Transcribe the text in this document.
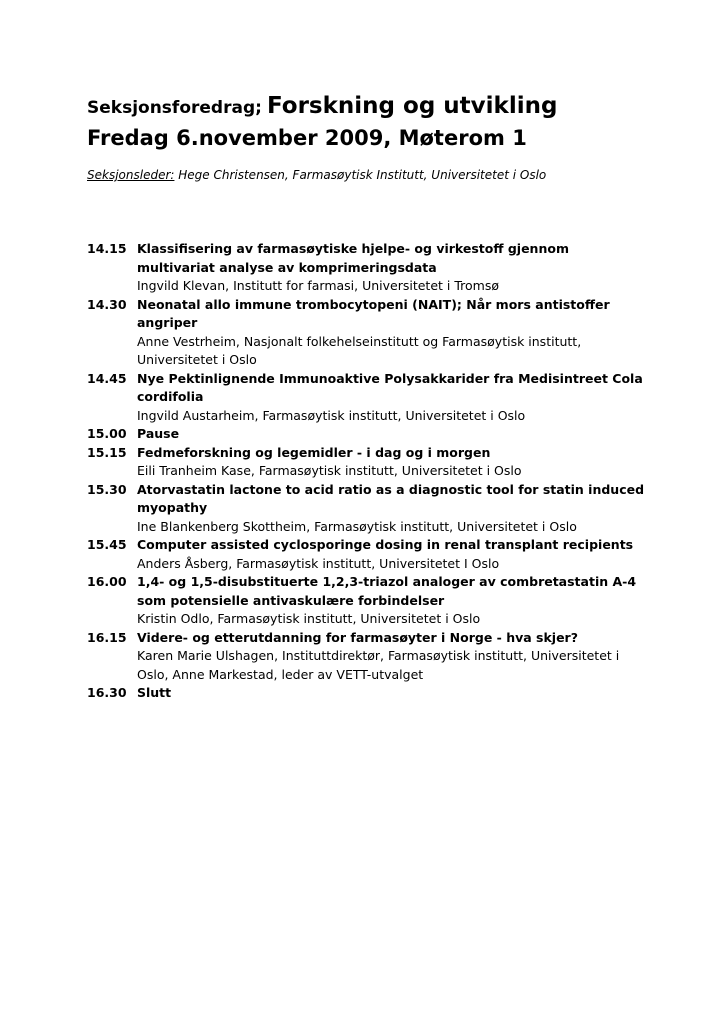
Seksjonsforedrag; Forskning og utvikling
Fredag 6.november 2009, Møterom 1
Seksjonsleder: Hege Christensen, Farmasøytisk Institutt, Universitetet i Oslo
14.15 Klassifisering av farmasøytiske hjelpe- og virkestoff gjennom multivariat analyse av komprimeringsdata
Ingvild Klevan, Institutt for farmasi, Universitetet i Tromsø
14.30 Neonatal allo immune trombocytopeni (NAIT); Når mors antistoffer angriper
Anne Vestrheim, Nasjonalt folkehelseinstitutt og Farmasøytisk institutt, Universitetet i Oslo
14.45 Nye Pektinlignende Immunoaktive Polysakkarider fra Medisintreet Cola cordifolia
Ingvild Austarheim, Farmasøytisk institutt, Universitetet i Oslo
15.00 Pause
15.15 Fedmeforskning og legemidler - i dag og i morgen
Eili Tranheim Kase, Farmasøytisk institutt, Universitetet i Oslo
15.30 Atorvastatin lactone to acid ratio as a diagnostic tool for statin induced myopathy
Ine Blankenberg Skottheim, Farmasøytisk institutt, Universitetet i Oslo
15.45 Computer assisted cyclosporinge dosing in renal transplant recipients
Anders Åsberg, Farmasøytisk institutt, Universitetet I Oslo
16.00 1,4- og 1,5-disubstituerte 1,2,3-triazol analoger av combretastatin A-4 som potensielle antivaskulære forbindelser
Kristin Odlo, Farmasøytisk institutt, Universitetet i Oslo
16.15 Videre- og etterutdanning for farmasøyter i Norge - hva skjer?
Karen Marie Ulshagen, Instituttdirektør, Farmasøytisk institutt, Universitetet i Oslo, Anne Markestad, leder av VETT-utvalget
16.30 Slutt
